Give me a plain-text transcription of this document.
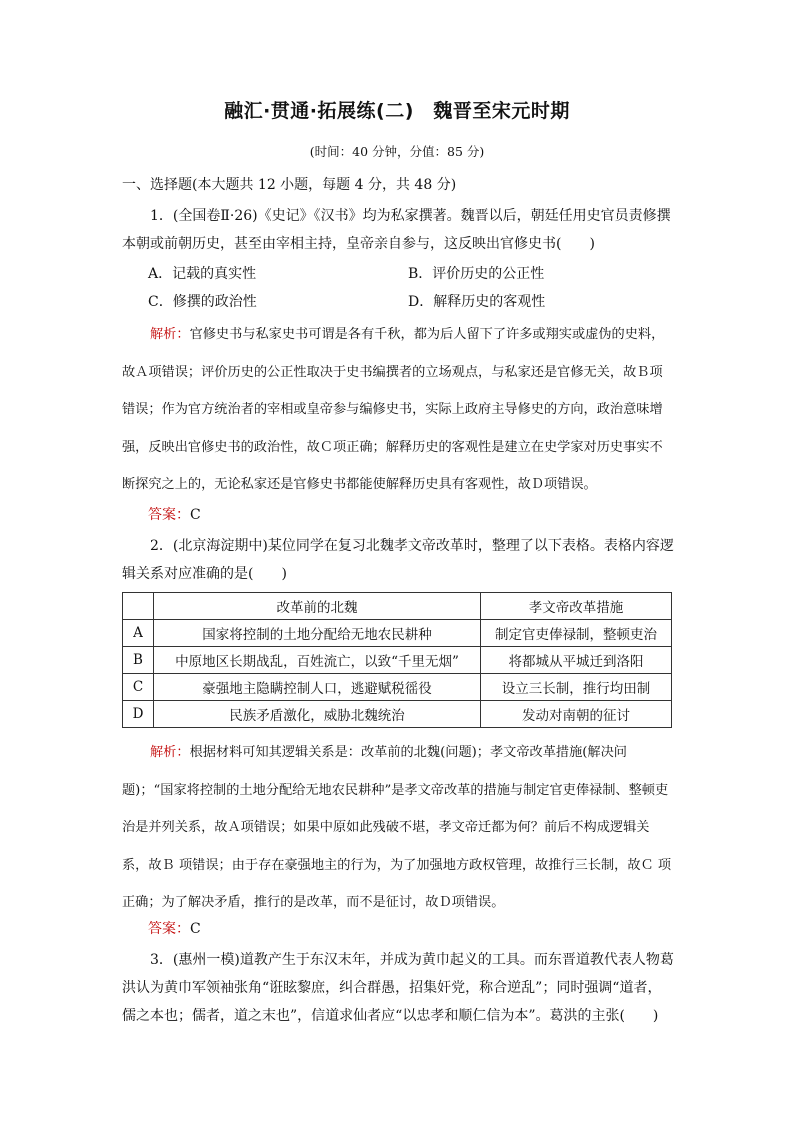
融汇·贯通·拓展练(二)　魏晋至宋元时期
(时间：40 分钟，分值：85 分)

一、选择题(本大题共 12 小题，每题 4 分，共 48 分)

1．(全国卷Ⅱ·26)《史记》《汉书》均为私家撰著。魏晋以后，朝廷任用史官员责修撰本朝或前朝历史，甚至由宰相主持，皇帝亲自参与，这反映出官修史书(　　)

A．记载的真实性	B．评价历史的公正性
C．修撰的政治性	D．解释历史的客观性

解析：官修史书与私家史书可谓是各有千秋，都为后人留下了许多或翔实或虚伪的史料，故Ａ项错误；评价历史的公正性取决于史书编撰者的立场观点，与私家还是官修无关，故Ｂ项错误；作为官方统治者的宰相或皇帝参与编修史书，实际上政府主导修史的方向，政治意味增强，反映出官修史书的政治性，故Ｃ项正确；解释历史的客观性是建立在史学家对历史事实不断探究之上的，无论私家还是官修史书都能使解释历史具有客观性，故Ｄ项错误。

答案：C

2．(北京海淀期中)某位同学在复习北魏孝文帝改革时，整理了以下表格。表格内容逻辑关系对应准确的是(　　)

	改革前的北魏	孝文帝改革措施
A	国家将控制的土地分配给无地农民耕种	制定官吏俸禄制，整顿吏治
B	中原地区长期战乱，百姓流亡，以致“千里无烟”	将都城从平城迁到洛阳
C	豪强地主隐瞒控制人口，逃避赋税徭役	设立三长制，推行均田制
D	民族矛盾激化，威胁北魏统治	发动对南朝的征讨

解析：根据材料可知其逻辑关系是：改革前的北魏(问题)；孝文帝改革措施(解决问题)；“国家将控制的土地分配给无地农民耕种”是孝文帝改革的措施与制定官吏俸禄制、整顿吏治是并列关系，故Ａ项错误；如果中原如此残破不堪，孝文帝迁都为何？前后不构成逻辑关系，故Ｂ 项错误；由于存在豪强地主的行为，为了加强地方政权管理，故推行三长制，故Ｃ 项正确；为了解决矛盾，推行的是改革，而不是征讨，故Ｄ项错误。

答案：C

3．(惠州一模)道教产生于东汉末年，并成为黄巾起义的工具。而东晋道教代表人物葛洪认为黄巾军领袖张角“诳眩黎庶，纠合群愚，招集奸党，称合逆乱”；同时强调“道者，儒之本也；儒者，道之末也”，信道求仙者应“以忠孝和顺仁信为本”。葛洪的主张(　　)
